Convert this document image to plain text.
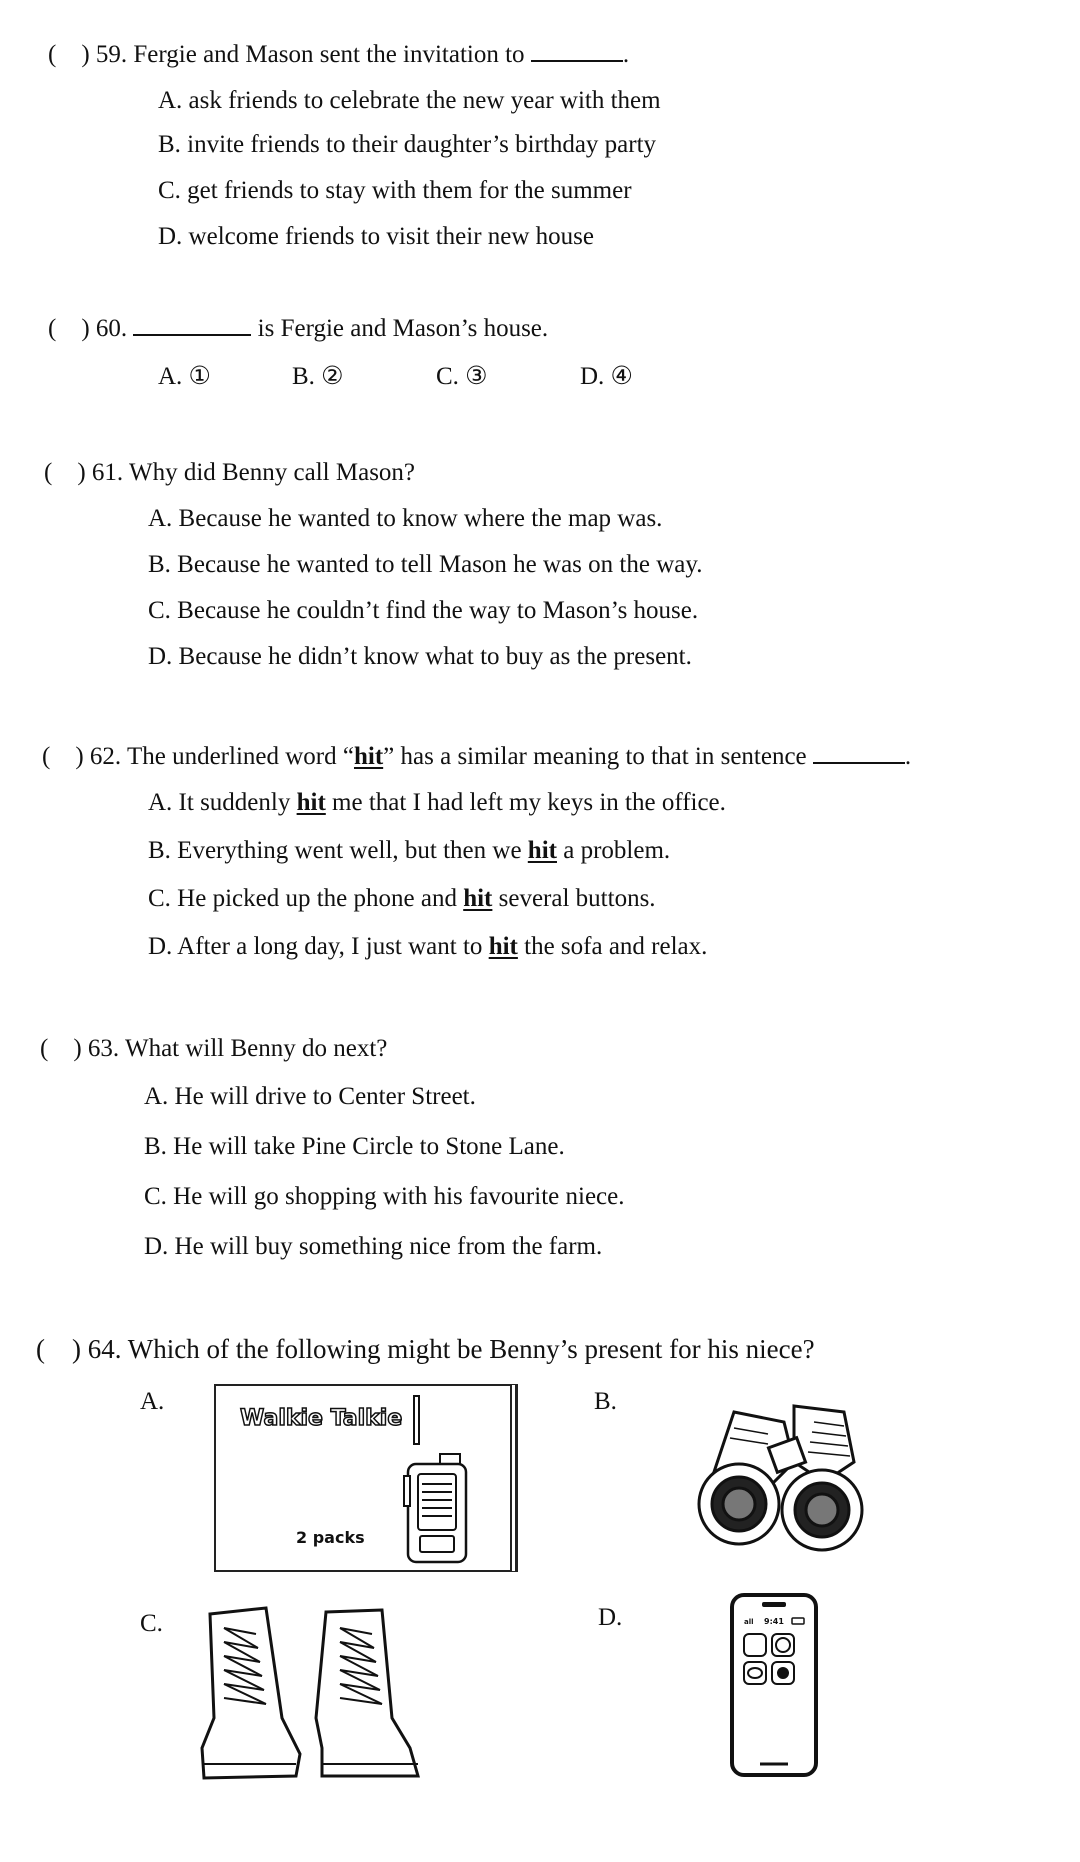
( ) 59. Fergie and Mason sent the invitation to	.
A. ask friends to celebrate the new year with them
B. invite friends to their daughter’s birthday party
C. get friends to stay with them for the summer
D. welcome friends to visit their new house
( ) 60.	is Fergie and Mason’s house.
A. ①	B. ②	C. ③	D. ④
( ) 61. Why did Benny call Mason?
A. Because he wanted to know where the map was.
B. Because he wanted to tell Mason he was on the way.
C. Because he couldn’t find the way to Mason’s house.
D. Because he didn’t know what to buy as the present.
( ) 62. The underlined word “hit” has a similar meaning to that in sentence	.
A. It suddenly hit me that I had left my keys in the office.
B. Everything went well, but then we hit a problem.
C. He picked up the phone and hit several buttons.
D. After a long day, I just want to hit the sofa and relax.
( ) 63. What will Benny do next?
A. He will drive to Center Street.
B. He will take Pine Circle to Stone Lane.
C. He will go shopping with his favourite niece.
D. He will buy something nice from the farm.
( ) 64. Which of the following might be Benny’s present for his niece?
A.	B.
C.	D.
Walkie Talkie
2 packs
all 9:41
